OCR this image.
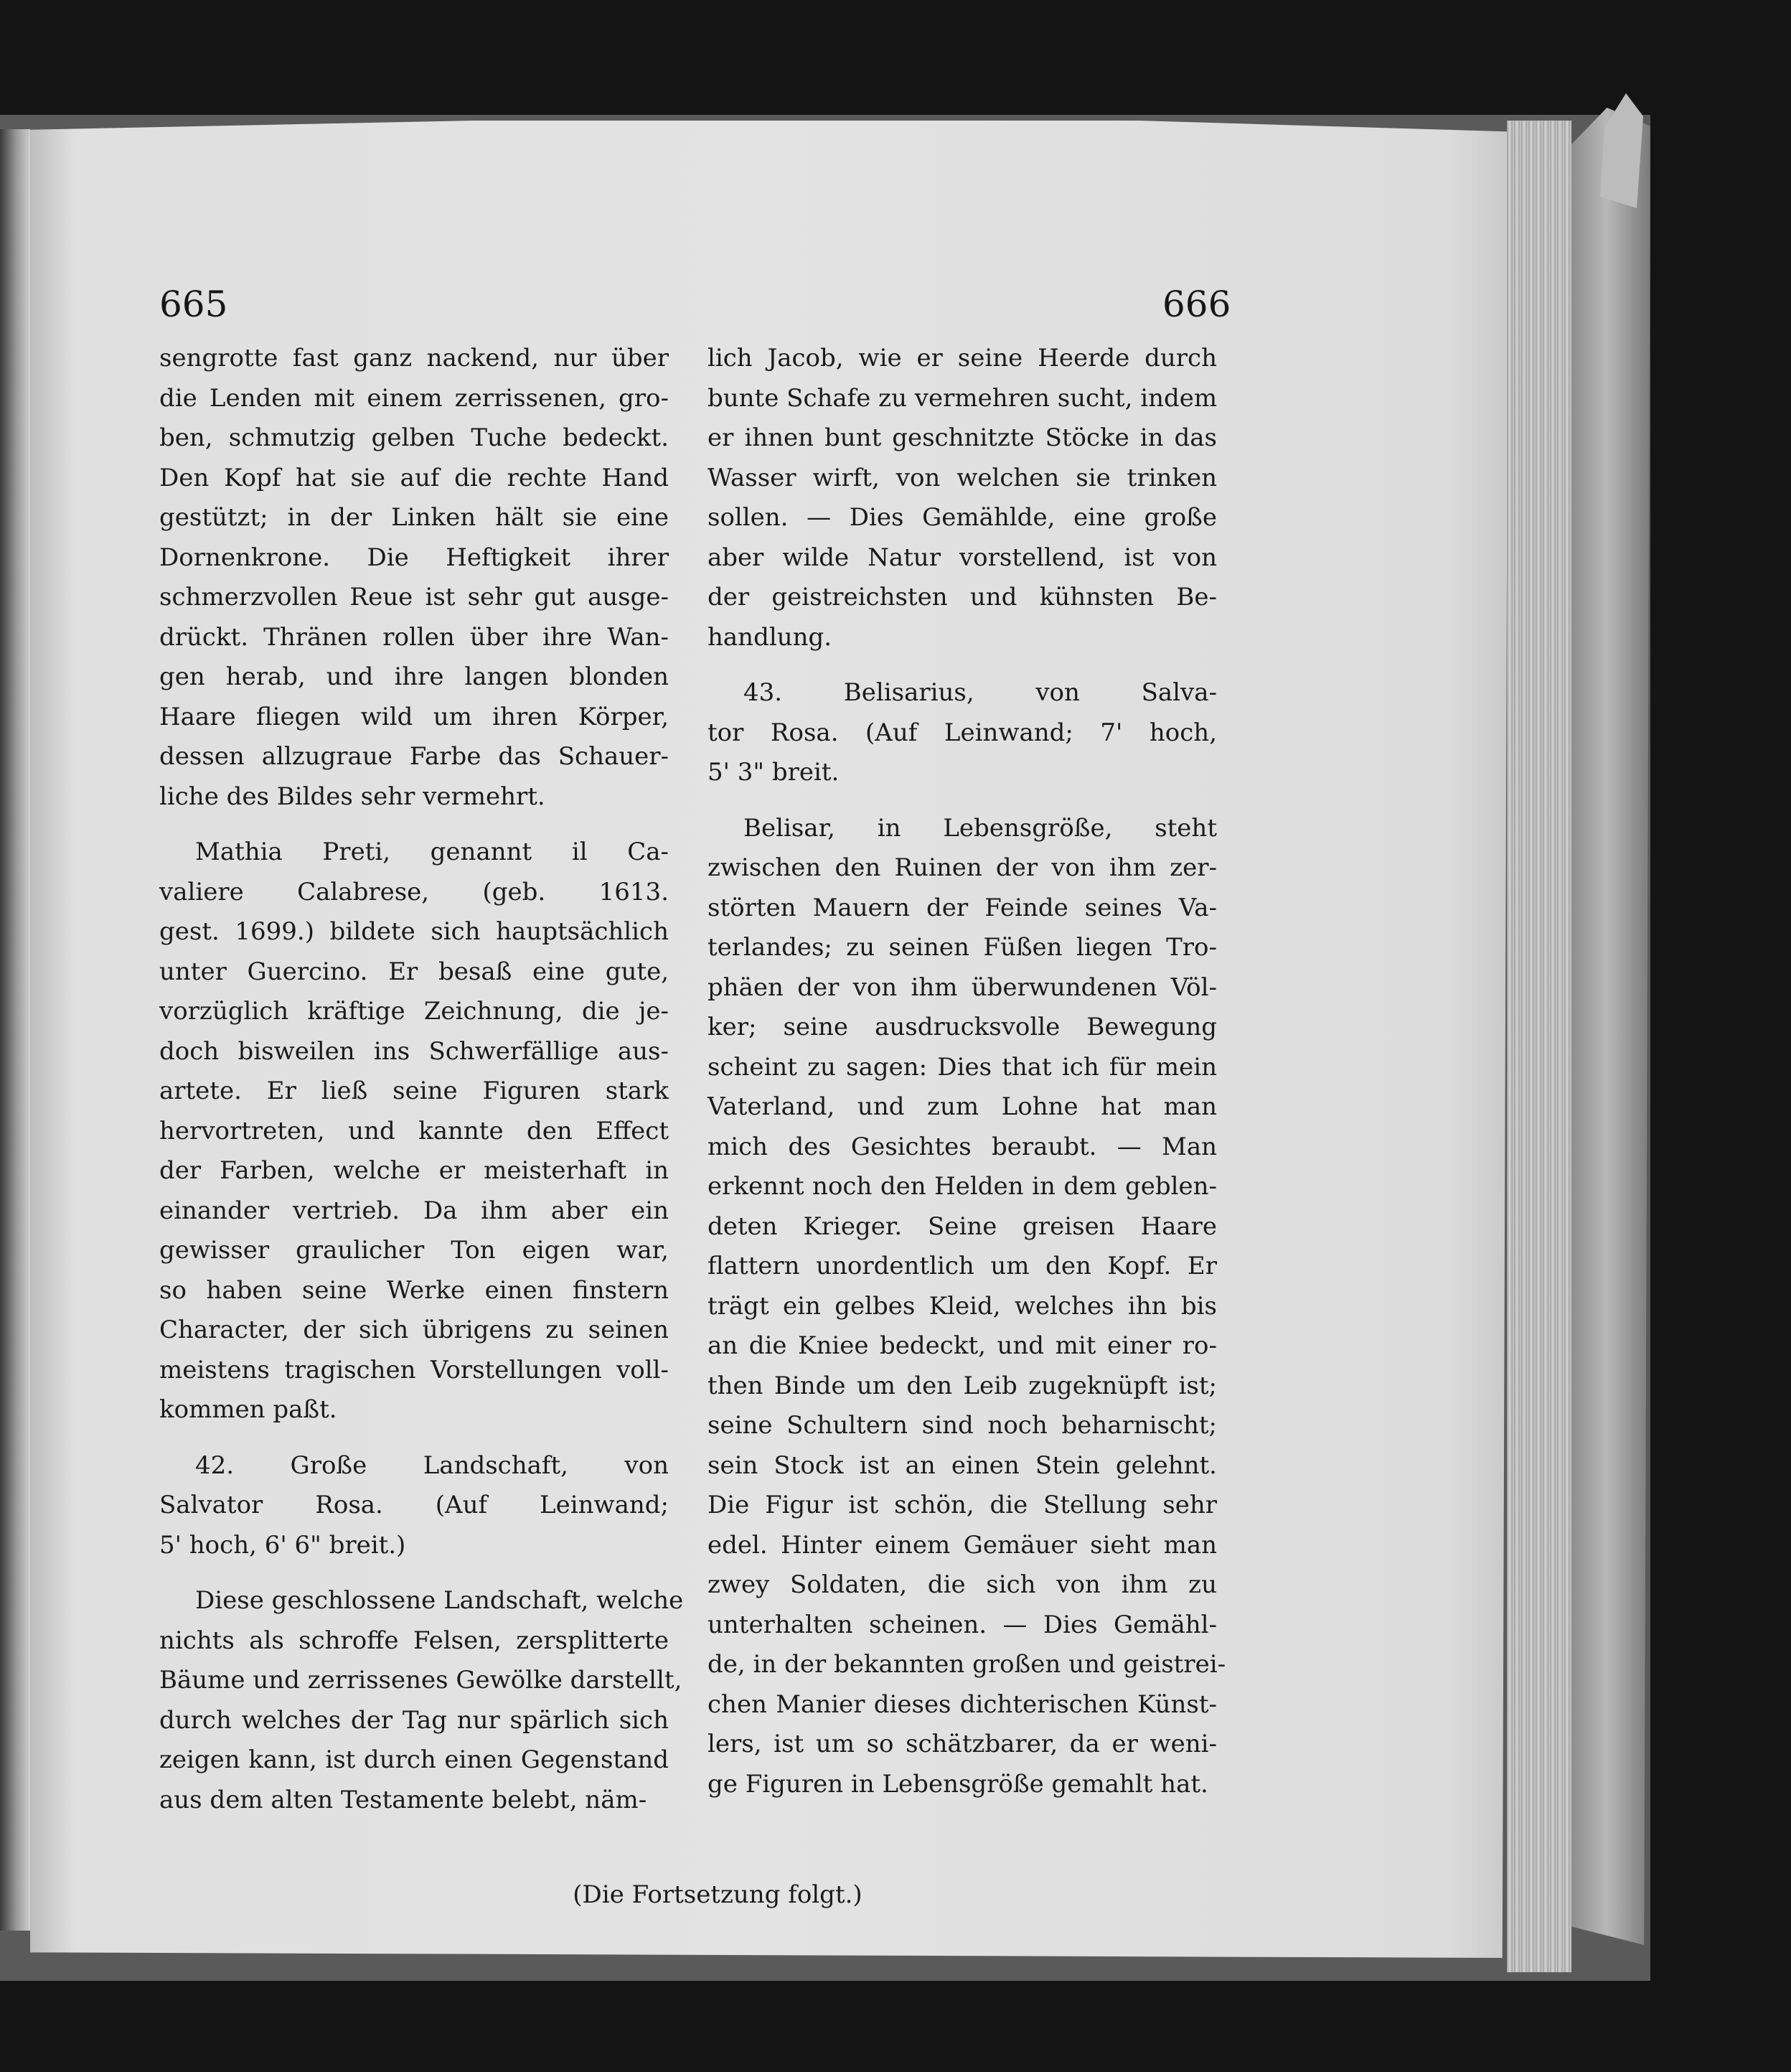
665	666
sengrotte fast ganz nackend, nur über
die Lenden mit einem zerrissenen, gro-
ben, schmutzig gelben Tuche bedeckt.
Den Kopf hat sie auf die rechte Hand
gestützt; in der Linken hält sie eine
Dornenkrone. Die Heftigkeit ihrer
schmerzvollen Reue ist sehr gut ausge-
drückt. Thränen rollen über ihre Wan-
gen herab, und ihre langen blonden
Haare fliegen wild um ihren Körper,
dessen allzugraue Farbe das Schauer-
liche des Bildes sehr vermehrt.
Mathia Preti, genannt il Ca-
valiere Calabrese, (geb. 1613.
gest. 1699.) bildete sich hauptsächlich
unter Guercino. Er besaß eine gute,
vorzüglich kräftige Zeichnung, die je-
doch bisweilen ins Schwerfällige aus-
artete. Er ließ seine Figuren stark
hervortreten, und kannte den Effect
der Farben, welche er meisterhaft in
einander vertrieb. Da ihm aber ein
gewisser graulicher Ton eigen war,
so haben seine Werke einen finstern
Character, der sich übrigens zu seinen
meistens tragischen Vorstellungen voll-
kommen paßt.
42. Große Landschaft, von
Salvator Rosa. (Auf Leinwand;
5' hoch, 6' 6" breit.)
Diese geschlossene Landschaft, welche
nichts als schroffe Felsen, zersplitterte
Bäume und zerrissenes Gewölke darstellt,
durch welches der Tag nur spärlich sich
zeigen kann, ist durch einen Gegenstand
aus dem alten Testamente belebt, näm-
lich Jacob, wie er seine Heerde durch
bunte Schafe zu vermehren sucht, indem
er ihnen bunt geschnitzte Stöcke in das
Wasser wirft, von welchen sie trinken
sollen. — Dies Gemählde, eine große
aber wilde Natur vorstellend, ist von
der geistreichsten und kühnsten Be-
handlung.
43. Belisarius, von Salva-
tor Rosa. (Auf Leinwand; 7' hoch,
5' 3" breit.
Belisar, in Lebensgröße, steht
zwischen den Ruinen der von ihm zer-
störten Mauern der Feinde seines Va-
terlandes; zu seinen Füßen liegen Tro-
phäen der von ihm überwundenen Völ-
ker; seine ausdrucksvolle Bewegung
scheint zu sagen: Dies that ich für mein
Vaterland, und zum Lohne hat man
mich des Gesichtes beraubt. — Man
erkennt noch den Helden in dem geblen-
deten Krieger. Seine greisen Haare
flattern unordentlich um den Kopf. Er
trägt ein gelbes Kleid, welches ihn bis
an die Kniee bedeckt, und mit einer ro-
then Binde um den Leib zugeknüpft ist;
seine Schultern sind noch beharnischt;
sein Stock ist an einen Stein gelehnt.
Die Figur ist schön, die Stellung sehr
edel. Hinter einem Gemäuer sieht man
zwey Soldaten, die sich von ihm zu
unterhalten scheinen. — Dies Gemähl-
de, in der bekannten großen und geistrei-
chen Manier dieses dichterischen Künst-
lers, ist um so schätzbarer, da er weni-
ge Figuren in Lebensgröße gemahlt hat.
(Die Fortsetzung folgt.)
